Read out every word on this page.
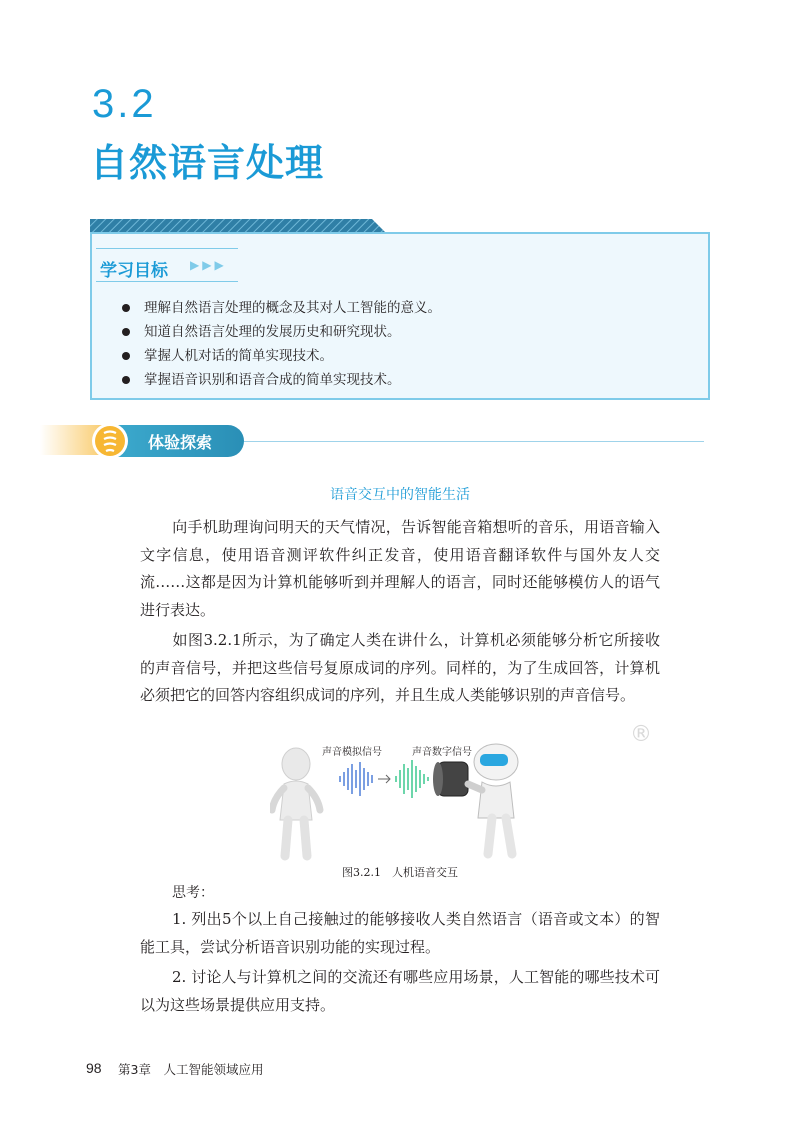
3.2
自然语言处理
学习目标 ▶▶▶
理解自然语言处理的概念及其对人工智能的意义。
知道自然语言处理的发展历史和研究现状。
掌握人机对话的简单实现技术。
掌握语音识别和语音合成的简单实现技术。
体验探索
语音交互中的智能生活

向手机助理询问明天的天气情况，告诉智能音箱想听的音乐，用语音输入文字信息，使用语音测评软件纠正发音，使用语音翻译软件与国外友人交流……这都是因为计算机能够听到并理解人的语言，同时还能够模仿人的语气进行表达。

如图3.2.1所示，为了确定人类在讲什么，计算机必须能够分析它所接收的声音信号，并把这些信号复原成词的序列。同样的，为了生成回答，计算机必须把它的回答内容组织成词的序列，并且生成人类能够识别的声音信号。

®
声音模拟信号	声音数字信号
图3.2.1　人机语音交互
思考：

1. 列出5个以上自己接触过的能够接收人类自然语言（语音或文本）的智能工具，尝试分析语音识别功能的实现过程。

2. 讨论人与计算机之间的交流还有哪些应用场景，人工智能的哪些技术可以为这些场景提供应用支持。

98 第3章　人工智能领域应用
